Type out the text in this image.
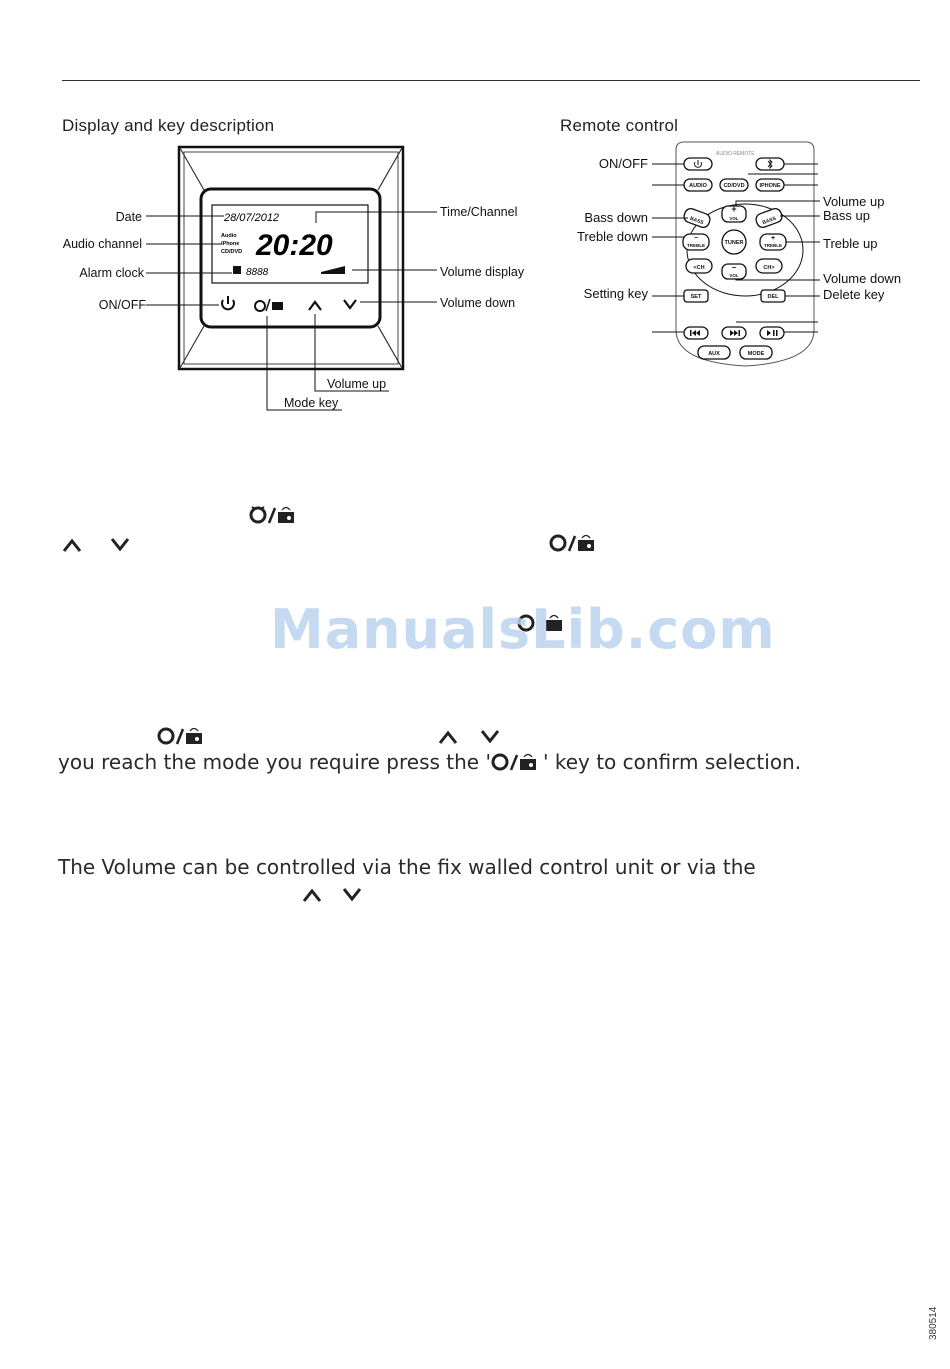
Display and key description	Remote control
28/07/2012
Audio
iPhone
CD/DVD 20:20
8888
Date
Audio channel
Alarm clock
ON/OFF
Time/Channel
Volume display
Volume down
Volume up
Mode key
AUDIO REMOTE
AUDIO	CD/DVD	IPHONE
+
VOL
BASS	BASS
−
TREBLE	TUNER
+
TREBLE
<CH	−
VOL
CH>
SET	DEL
AUX	MODE
ON/OFF
Bass down
Treble down
Setting key
Volume up
Bass up
Treble up
Volume down
Delete key
ManualsLib.com
you reach the mode you require press the '	' key to confirm selection.
The Volume can be controlled via the fix walled control unit or via the
380514
